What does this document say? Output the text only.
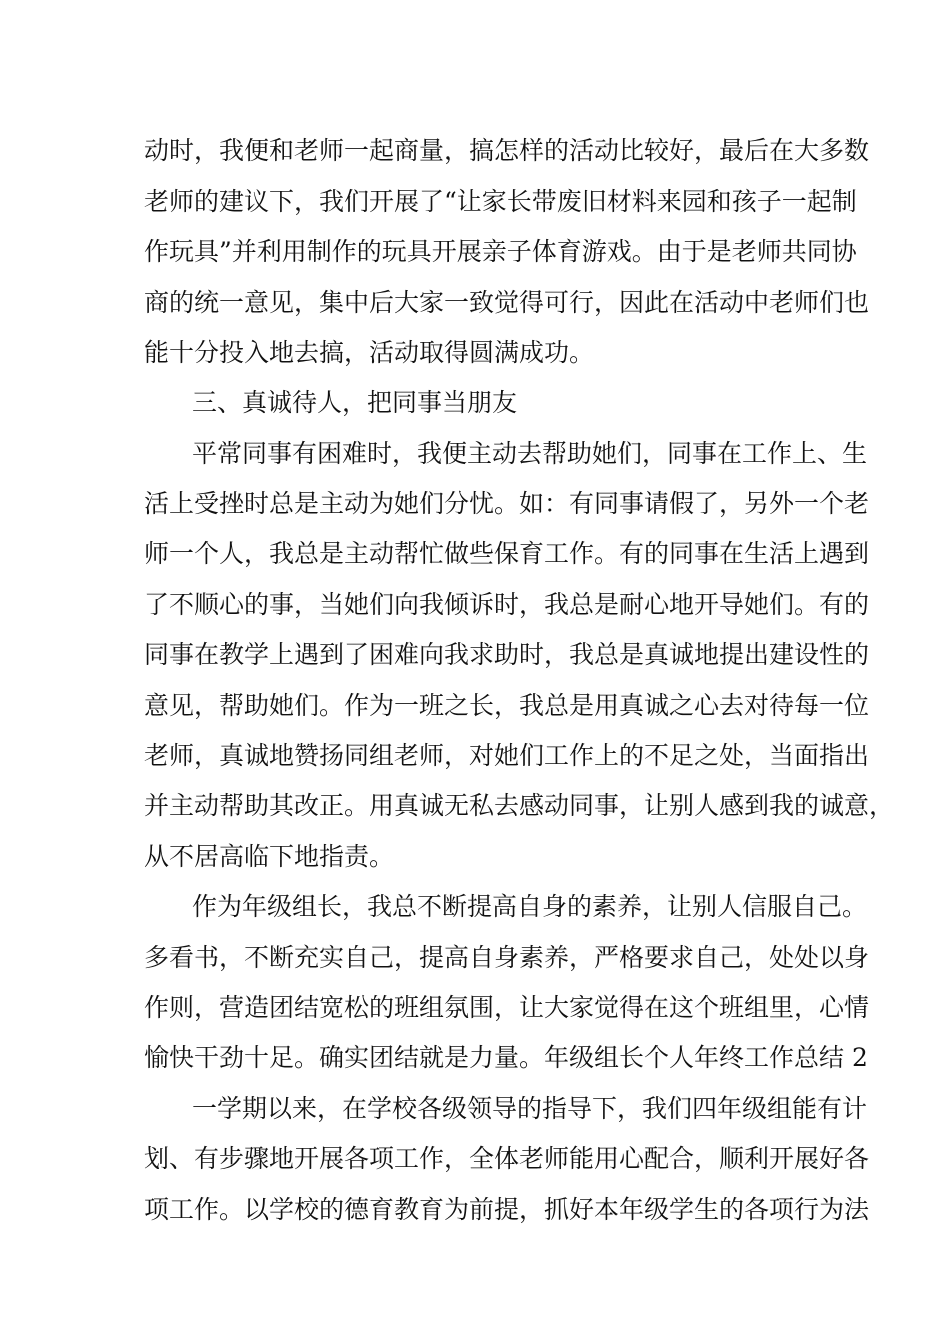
动时，我便和老师一起商量，搞怎样的活动比较好，最后在大多数
老师的建议下，我们开展了“让家长带废旧材料来园和孩子一起制
作玩具”并利用制作的玩具开展亲子体育游戏。由于是老师共同协
商的统一意见，集中后大家一致觉得可行，因此在活动中老师们也
能十分投入地去搞，活动取得圆满成功。
三、真诚待人，把同事当朋友
平常同事有困难时，我便主动去帮助她们，同事在工作上、生
活上受挫时总是主动为她们分忧。如：有同事请假了，另外一个老
师一个人，我总是主动帮忙做些保育工作。有的同事在生活上遇到
了不顺心的事，当她们向我倾诉时，我总是耐心地开导她们。有的
同事在教学上遇到了困难向我求助时，我总是真诚地提出建设性的
意见，帮助她们。作为一班之长，我总是用真诚之心去对待每一位
老师，真诚地赞扬同组老师，对她们工作上的不足之处，当面指出
并主动帮助其改正。用真诚无私去感动同事，让别人感到我的诚意，
从不居高临下地指责。
作为年级组长，我总不断提高自身的素养，让别人信服自己。
多看书，不断充实自己，提高自身素养，严格要求自己，处处以身
作则，营造团结宽松的班组氛围，让大家觉得在这个班组里，心情
愉快干劲十足。确实团结就是力量。年级组长个人年终工作总结 2
一学期以来，在学校各级领导的指导下，我们四年级组能有计
划、有步骤地开展各项工作，全体老师能用心配合，顺利开展好各
项工作。以学校的德育教育为前提，抓好本年级学生的各项行为法
